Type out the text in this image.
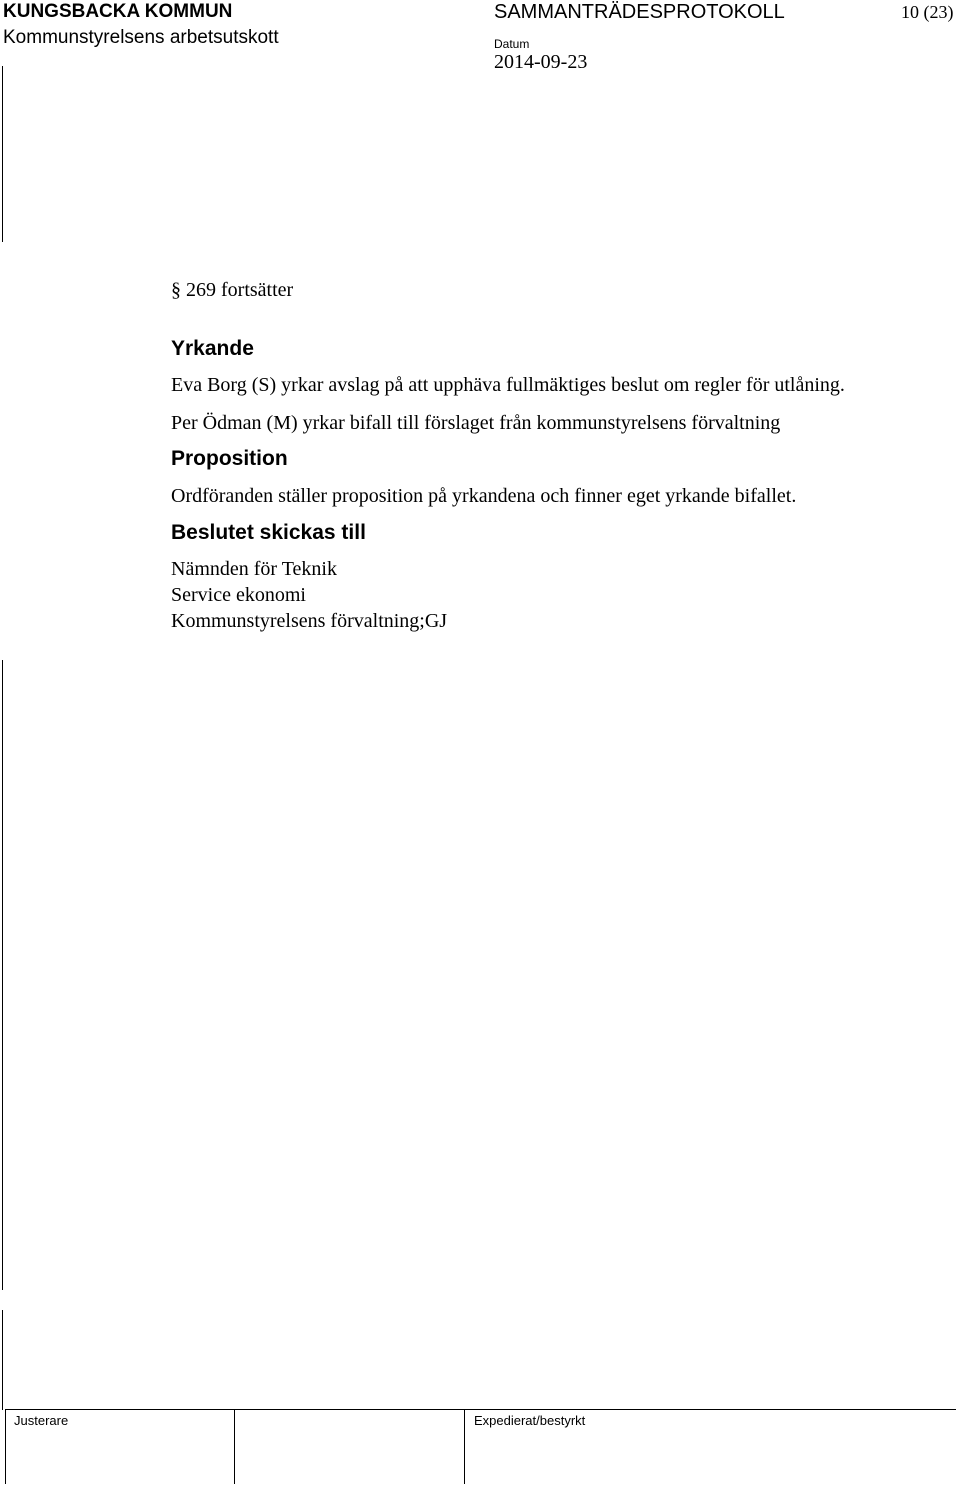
KUNGSBACKA KOMMUN
Kommunstyrelsens arbetsutskott
SAMMANTRÄDESPROTOKOLL	10 (23)
Datum
2014-09-23
§ 269 fortsätter
Yrkande
Eva Borg (S) yrkar avslag på att upphäva fullmäktiges beslut om regler för utlåning.
Per Ödman (M) yrkar bifall till förslaget från kommunstyrelsens förvaltning
Proposition
Ordföranden ställer proposition på yrkandena och finner eget yrkande bifallet.
Beslutet skickas till
Nämnden för Teknik
Service ekonomi
Kommunstyrelsens förvaltning;GJ
Justerare	Expedierat/bestyrkt
